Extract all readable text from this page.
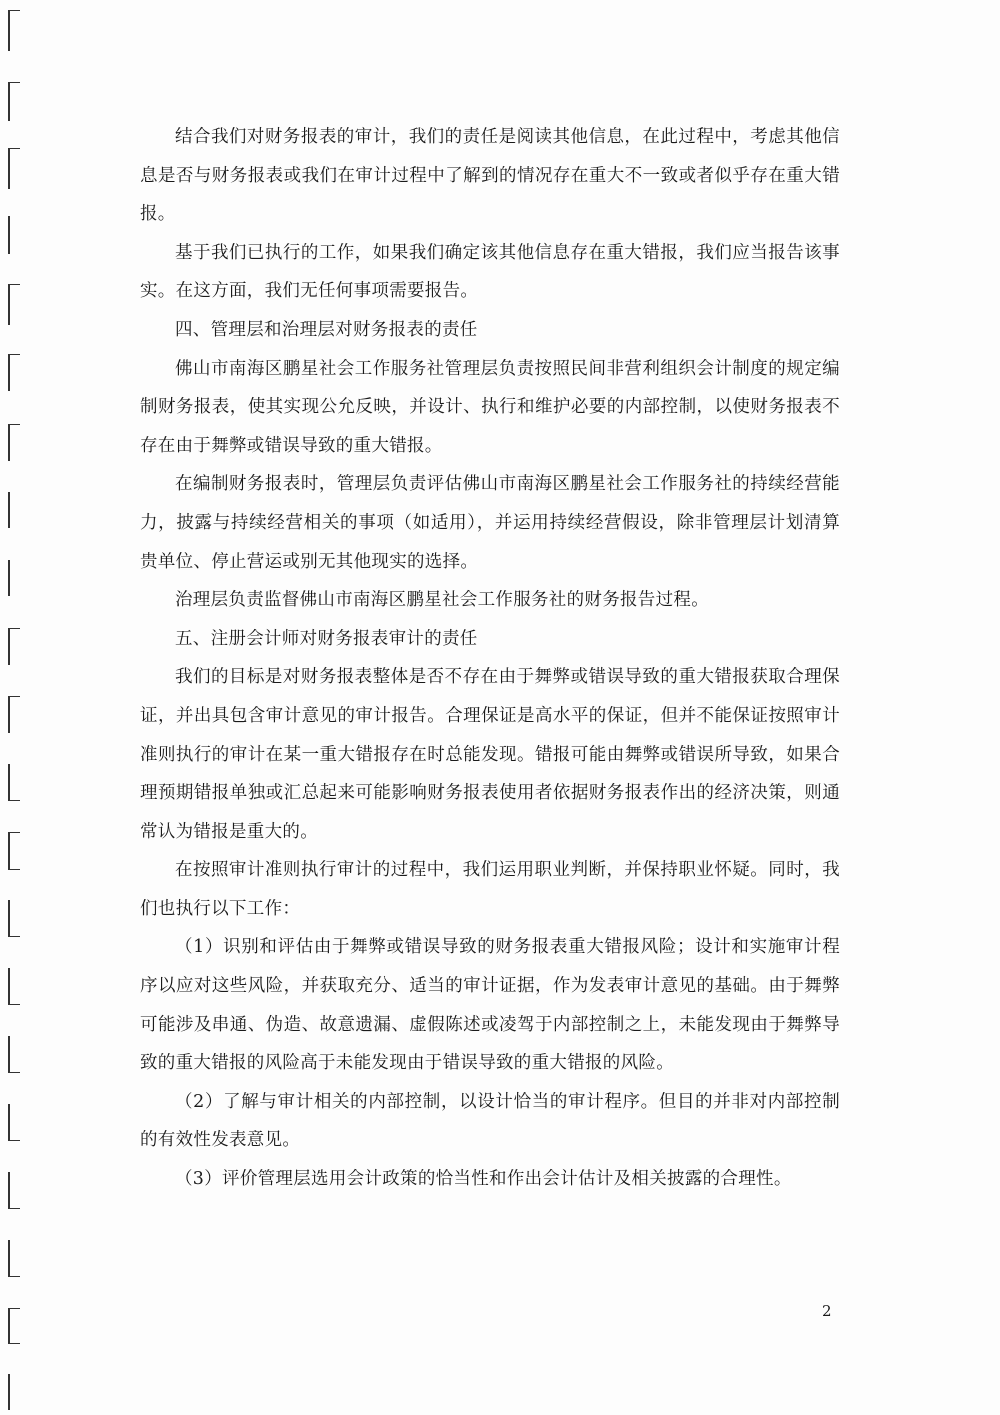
结合我们对财务报表的审计，我们的责任是阅读其他信息，在此过程中，考虑其他信息是否与财务报表或我们在审计过程中了解到的情况存在重大不一致或者似乎存在重大错报。

基于我们已执行的工作，如果我们确定该其他信息存在重大错报，我们应当报告该事实。在这方面，我们无任何事项需要报告。

四、管理层和治理层对财务报表的责任

佛山市南海区鹏星社会工作服务社管理层负责按照民间非营利组织会计制度的规定编制财务报表，使其实现公允反映，并设计、执行和维护必要的内部控制，以使财务报表不存在由于舞弊或错误导致的重大错报。

在编制财务报表时，管理层负责评估佛山市南海区鹏星社会工作服务社的持续经营能力，披露与持续经营相关的事项（如适用），并运用持续经营假设，除非管理层计划清算贵单位、停止营运或别无其他现实的选择。

治理层负责监督佛山市南海区鹏星社会工作服务社的财务报告过程。

五、注册会计师对财务报表审计的责任

我们的目标是对财务报表整体是否不存在由于舞弊或错误导致的重大错报获取合理保证，并出具包含审计意见的审计报告。合理保证是高水平的保证，但并不能保证按照审计准则执行的审计在某一重大错报存在时总能发现。错报可能由舞弊或错误所导致，如果合理预期错报单独或汇总起来可能影响财务报表使用者依据财务报表作出的经济决策，则通常认为错报是重大的。

在按照审计准则执行审计的过程中，我们运用职业判断，并保持职业怀疑。同时，我们也执行以下工作：

（1）识别和评估由于舞弊或错误导致的财务报表重大错报风险；设计和实施审计程序以应对这些风险，并获取充分、适当的审计证据，作为发表审计意见的基础。由于舞弊可能涉及串通、伪造、故意遗漏、虚假陈述或凌驾于内部控制之上，未能发现由于舞弊导致的重大错报的风险高于未能发现由于错误导致的重大错报的风险。

（2）了解与审计相关的内部控制，以设计恰当的审计程序。但目的并非对内部控制的有效性发表意见。

（3）评价管理层选用会计政策的恰当性和作出会计估计及相关披露的合理性。

2
